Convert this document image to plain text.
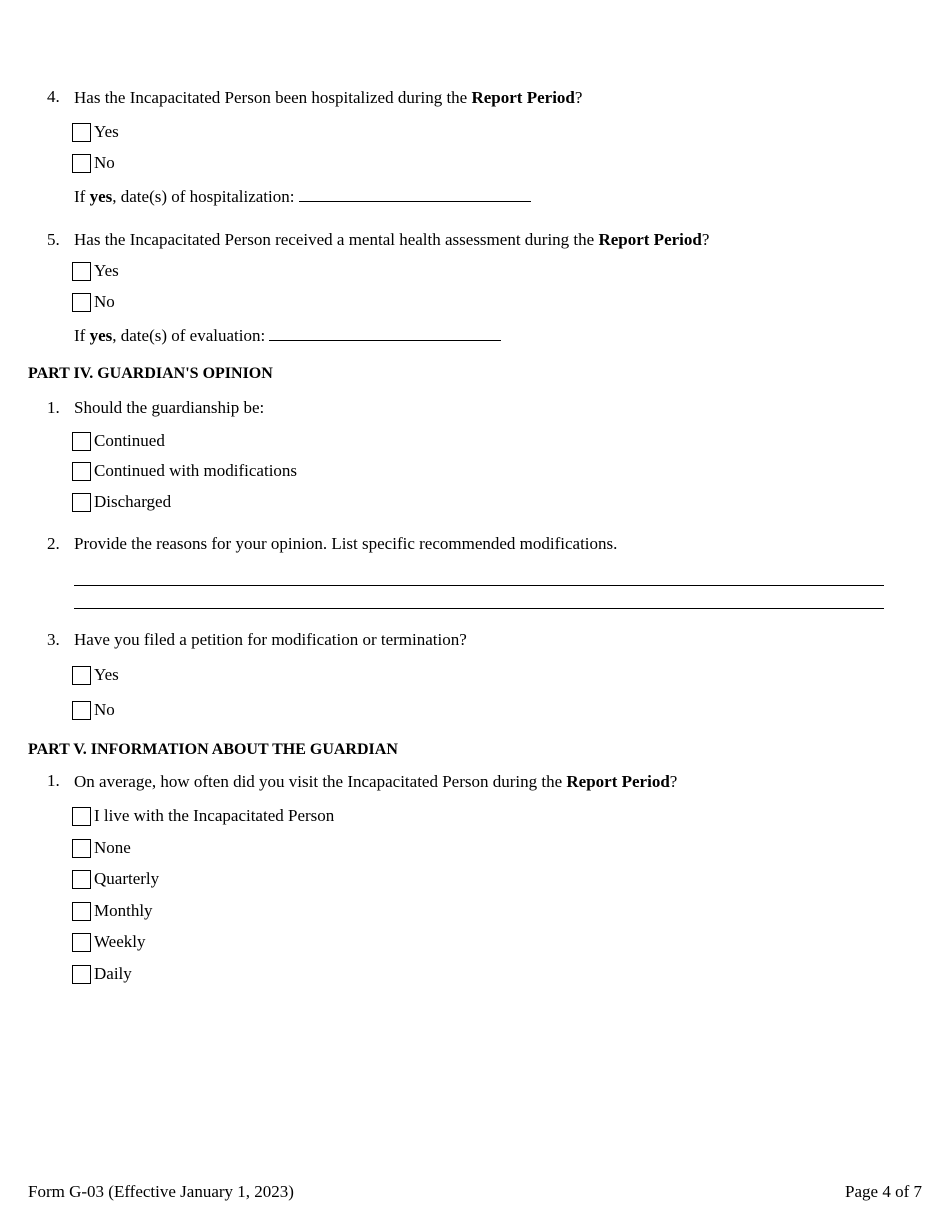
4. Has the Incapacitated Person been hospitalized during the Report Period?
Yes
No
If yes, date(s) of hospitalization:
5. Has the Incapacitated Person received a mental health assessment during the Report Period?
Yes
No
If yes, date(s) of evaluation:
PART IV. GUARDIAN'S OPINION
1. Should the guardianship be:
Continued
Continued with modifications
Discharged
2. Provide the reasons for your opinion. List specific recommended modifications.
3. Have you filed a petition for modification or termination?
Yes
No
PART V. INFORMATION ABOUT THE GUARDIAN
1. On average, how often did you visit the Incapacitated Person during the Report Period?
I live with the Incapacitated Person
None
Quarterly
Monthly
Weekly
Daily
Form G-03 (Effective January 1, 2023)	Page 4 of 7
